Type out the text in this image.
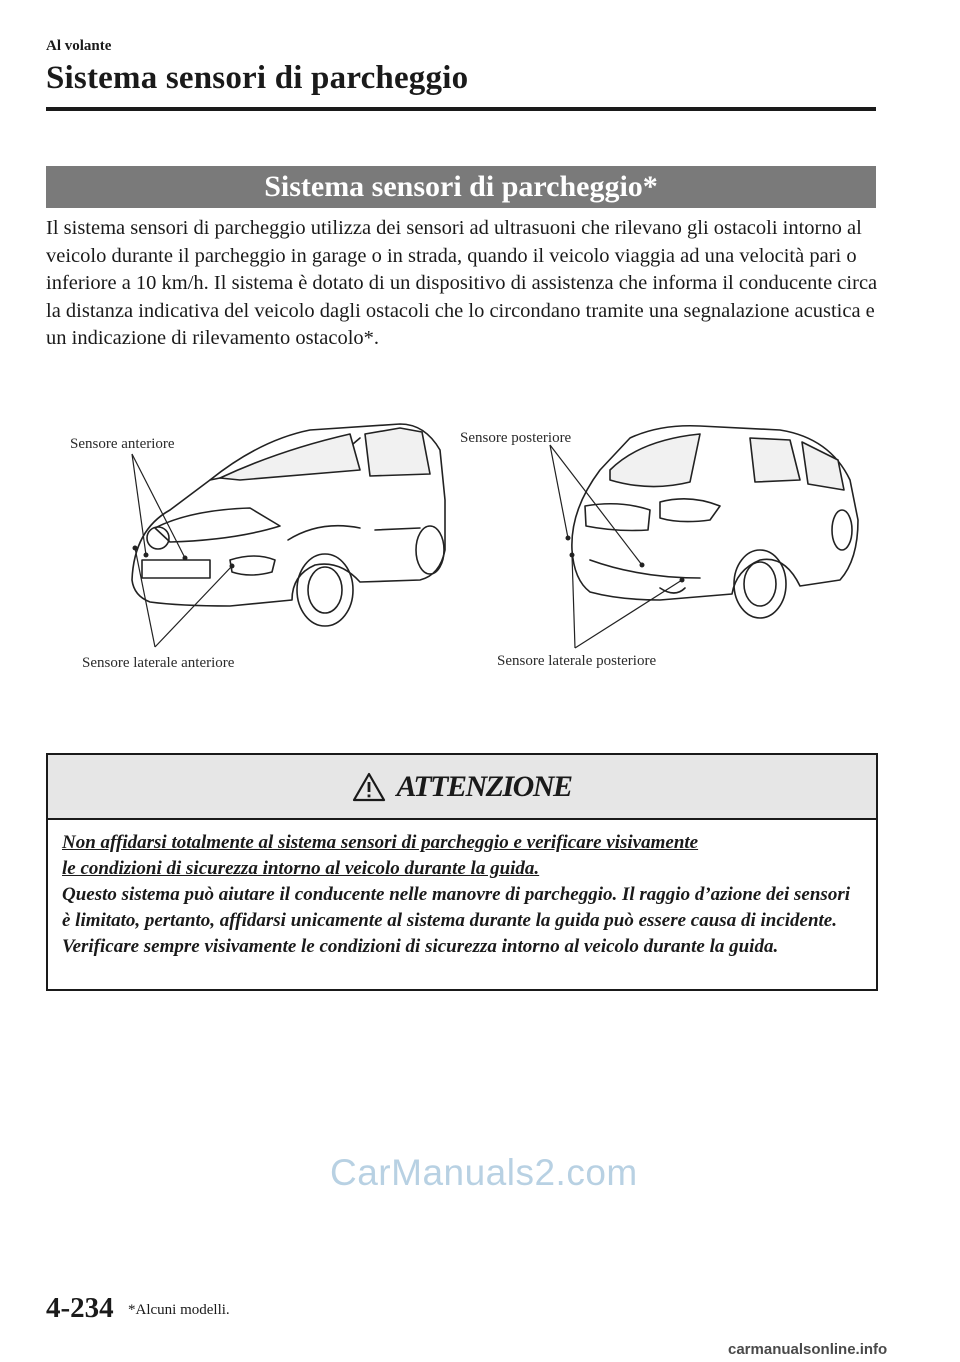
Al volante
Sistema sensori di parcheggio
Sistema sensori di parcheggio*

Il sistema sensori di parcheggio utilizza dei sensori ad ultrasuoni che rilevano gli ostacoli intorno al veicolo durante il parcheggio in garage o in strada, quando il veicolo viaggia ad una velocità pari o inferiore a 10 km/h. Il sistema è dotato di un dispositivo di assistenza che informa il conducente circa la distanza indicativa del veicolo dagli ostacoli che lo circondano tramite una segnalazione acustica e un indicazione di rilevamento ostacolo*.

Sensore anteriore
Sensore laterale anteriore
Sensore posteriore
Sensore laterale posteriore
ATTENZIONE

Non affidarsi totalmente al sistema sensori di parcheggio e verificare visivamente

le condizioni di sicurezza intorno al veicolo durante la guida.

Questo sistema può aiutare il conducente nelle manovre di parcheggio. Il raggio d’azione dei sensori è limitato, pertanto, affidarsi unicamente al sistema durante la guida può essere causa di incidente. Verificare sempre visivamente le condizioni di sicurezza intorno al veicolo durante la guida.

CarManuals2.com
4-234 *Alcuni modelli.
carmanualsonline.info
